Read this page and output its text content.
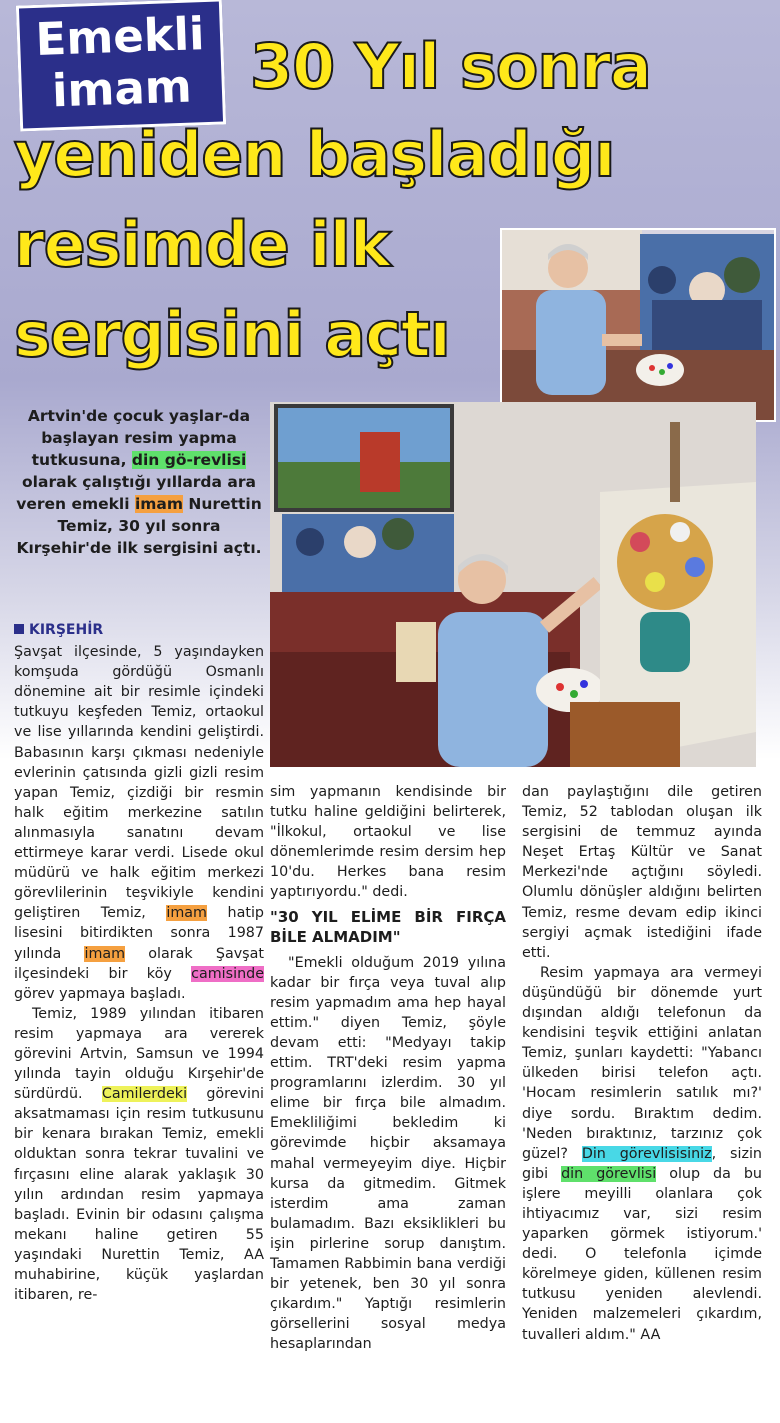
Emekli
imam 30 Yıl sonra
yeniden başladığı
resimde ilk
sergisini açtı
Artvin'de çocuk yaşlar-da başlayan resim yapma tutkusuna, din gö-revlisi olarak çalıştığı yıllarda ara veren emekli imam Nurettin Temiz, 30 yıl sonra Kırşehir'de ilk sergisini açtı.
KIRŞEHİR

Şavşat ilçesinde, 5 yaşındayken komşuda gördüğü Osmanlı dönemine ait bir resimle içindeki tutkuyu keşfeden Temiz, ortaokul ve lise yıllarında kendini geliştirdi. Babasının karşı çıkması nedeniyle evlerinin çatısında gizli gizli resim yapan Temiz, çizdiği bir resmin halk eğitim merkezine satılın alınmasıyla sanatını devam ettirmeye karar verdi. Lisede okul müdürü ve halk eğitim merkezi görevlilerinin teşvikiyle kendini geliştiren Temiz, imam hatip lisesini bitirdikten sonra 1987 yılında imam olarak Şavşat ilçesindeki bir köy camisinde görev yapmaya başladı.

Temiz, 1989 yılından itibaren resim yapmaya ara vererek görevini Artvin, Samsun ve 1994 yılında tayin olduğu Kırşehir'de sürdürdü. Camilerdeki görevini aksatmaması için resim tutkusunu bir kenara bırakan Temiz, emekli olduktan sonra tekrar tuvalini ve fırçasını eline alarak yaklaşık 30 yılın ardından resim yapmaya başladı. Evinin bir odasını çalışma mekanı haline getiren 55 yaşındaki Nurettin Temiz, AA muhabirine, küçük yaşlardan itibaren, re-

sim yapmanın kendisinde bir tutku haline geldiğini belirterek, "İlkokul, ortaokul ve lise dönemlerimde resim dersim hep 10'du. Herkes bana resim yaptırıyordu." dedi.

"30 YIL ELİME BİR FIRÇA BİLE ALMADIM"

"Emekli olduğum 2019 yılına kadar bir fırça veya tuval alıp resim yapmadım ama hep hayal ettim." diyen Temiz, şöyle devam etti: "Medyayı takip ettim. TRT'deki resim yapma programlarını izlerdim. 30 yıl elime bir fırça bile almadım. Emekliliğimi bekledim ki görevimde hiçbir aksamaya mahal vermeyeyim diye. Hiçbir kursa da gitmedim. Gitmek isterdim ama zaman bulamadım. Bazı eksikliklerі bu işin pirlerine sorup danıştım. Tamamen Rabbimin bana verdiği bir yetenek, ben 30 yıl sonra çıkardım." Yaptığı resimlerin görsellerini sosyal medya hesaplarından

dan paylaştığını dile getiren Temiz, 52 tablodan oluşan ilk sergisini de temmuz ayında Neşet Ertaş Kültür ve Sanat Merkezi'nde açtığını söyledi. Olumlu dönüşler aldığını belirten Temiz, resme devam edip ikinci sergiyi açmak istediğini ifade etti.

Resim yapmaya ara vermeyi düşündüğü bir dönemde yurt dışından aldığı telefonun da kendisini teşvik ettiğini anlatan Temiz, şunları kaydetti: "Yabancı ülkeden birisi telefon açtı. 'Hocam resimlerin satılık mı?' diye sordu. Bıraktım dedim. 'Neden bıraktınız, tarzınız çok güzel? Din görevlisisiniz, sizin gibi din görevlisi olup da bu işlere meyilli olanlara çok ihtiyacımız var, sizi resim yaparken görmek istiyorum.' dedi. O telefonla içimde körelmeye giden, küllenen resim tutkusu yeniden alevlendi. Yeniden malzemeleri çıkardım, tuvalleri aldım." AA
